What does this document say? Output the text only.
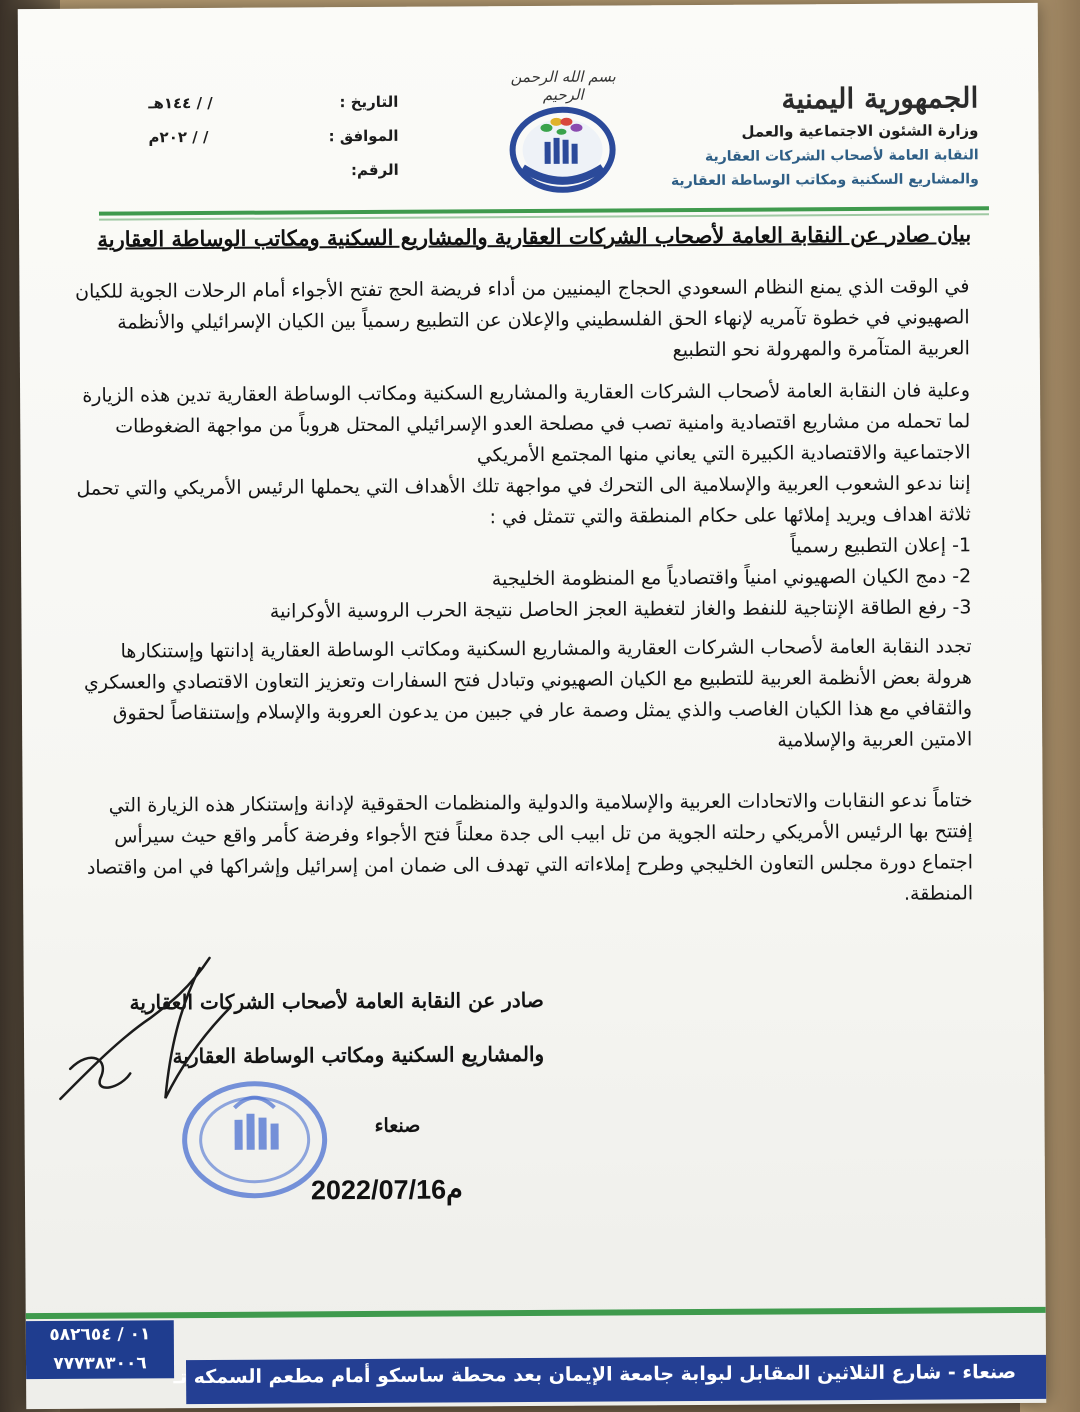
الجمهورية اليمنية

وزارة الشئون الاجتماعية والعمل

النقابة العامة لأصحاب الشركات العقارية

والمشاريع السكنية ومكاتب الوساطة العقارية

بسم الله الرحمن الرحيم
التاريخ :
/ / ١٤٤هـ
الموافق :
/ / ٢٠٢م
الرقم:
بيان صادر عن النقابة العامة لأصحاب الشركات العقارية والمشاريع السكنية ومكاتب الوساطة العقارية

في الوقت الذي يمنع النظام السعودي الحجاج اليمنيين من أداء فريضة الحج تفتح الأجواء أمام الرحلات الجوية للكيان الصهيوني في خطوة تآمريه لإنهاء الحق الفلسطيني والإعلان عن التطبيع رسمياً بين الكيان الإسرائيلي والأنظمة العربية المتآمرة والمهرولة نحو التطبيع

وعلية فان النقابة العامة لأصحاب الشركات العقارية والمشاريع السكنية ومكاتب الوساطة العقارية تدين هذه الزيارة لما تحمله من مشاريع اقتصادية وامنية تصب في مصلحة العدو الإسرائيلي المحتل هروباً من مواجهة الضغوطات الاجتماعية والاقتصادية الكبيرة التي يعاني منها المجتمع الأمريكي

إننا ندعو الشعوب العربية والإسلامية الى التحرك في مواجهة تلك الأهداف التي يحملها الرئيس الأمريكي والتي تحمل ثلاثة اهداف ويريد إملائها على حكام المنطقة والتي تتمثل في :

1- إعلان التطبيع رسمياً

2- دمج الكيان الصهيوني امنياً واقتصادياً مع المنظومة الخليجية

3- رفع الطاقة الإنتاجية للنفط والغاز لتغطية العجز الحاصل نتيجة الحرب الروسية الأوكرانية

تجدد النقابة العامة لأصحاب الشركات العقارية والمشاريع السكنية ومكاتب الوساطة العقارية إدانتها وإستنكارها هرولة بعض الأنظمة العربية للتطبيع مع الكيان الصهيوني وتبادل فتح السفارات وتعزيز التعاون الاقتصادي والعسكري والثقافي مع هذا الكيان الغاصب والذي يمثل وصمة عار في جبين من يدعون العروبة والإسلام وإستنقاصاً لحقوق الامتين العربية والإسلامية

ختاماً ندعو النقابات والاتحادات العربية والإسلامية والدولية والمنظمات الحقوقية لإدانة وإستنكار هذه الزيارة التي إفتتح بها الرئيس الأمريكي رحلته الجوية من تل ابيب الى جدة معلناً فتح الأجواء وفرضة كأمر واقع حيث سيرأس اجتماع دورة مجلس التعاون الخليجي وطرح إملاءاته التي تهدف الى ضمان امن إسرائيل وإشراكها في امن واقتصاد المنطقة.

صادر عن النقابة العامة لأصحاب الشركات العقارية

والمشاريع السكنية ومكاتب الوساطة العقارية

صنعاء
2022/07/16م
٠١ / ٥٨٢٦٥٤
٧٧٧٣٨٣٠٠٦	صنعاء - شارع الثلاثين المقابل لبوابة جامعة الإيمان بعد محطة ساسكو أمام مطعم السمكه تـ
